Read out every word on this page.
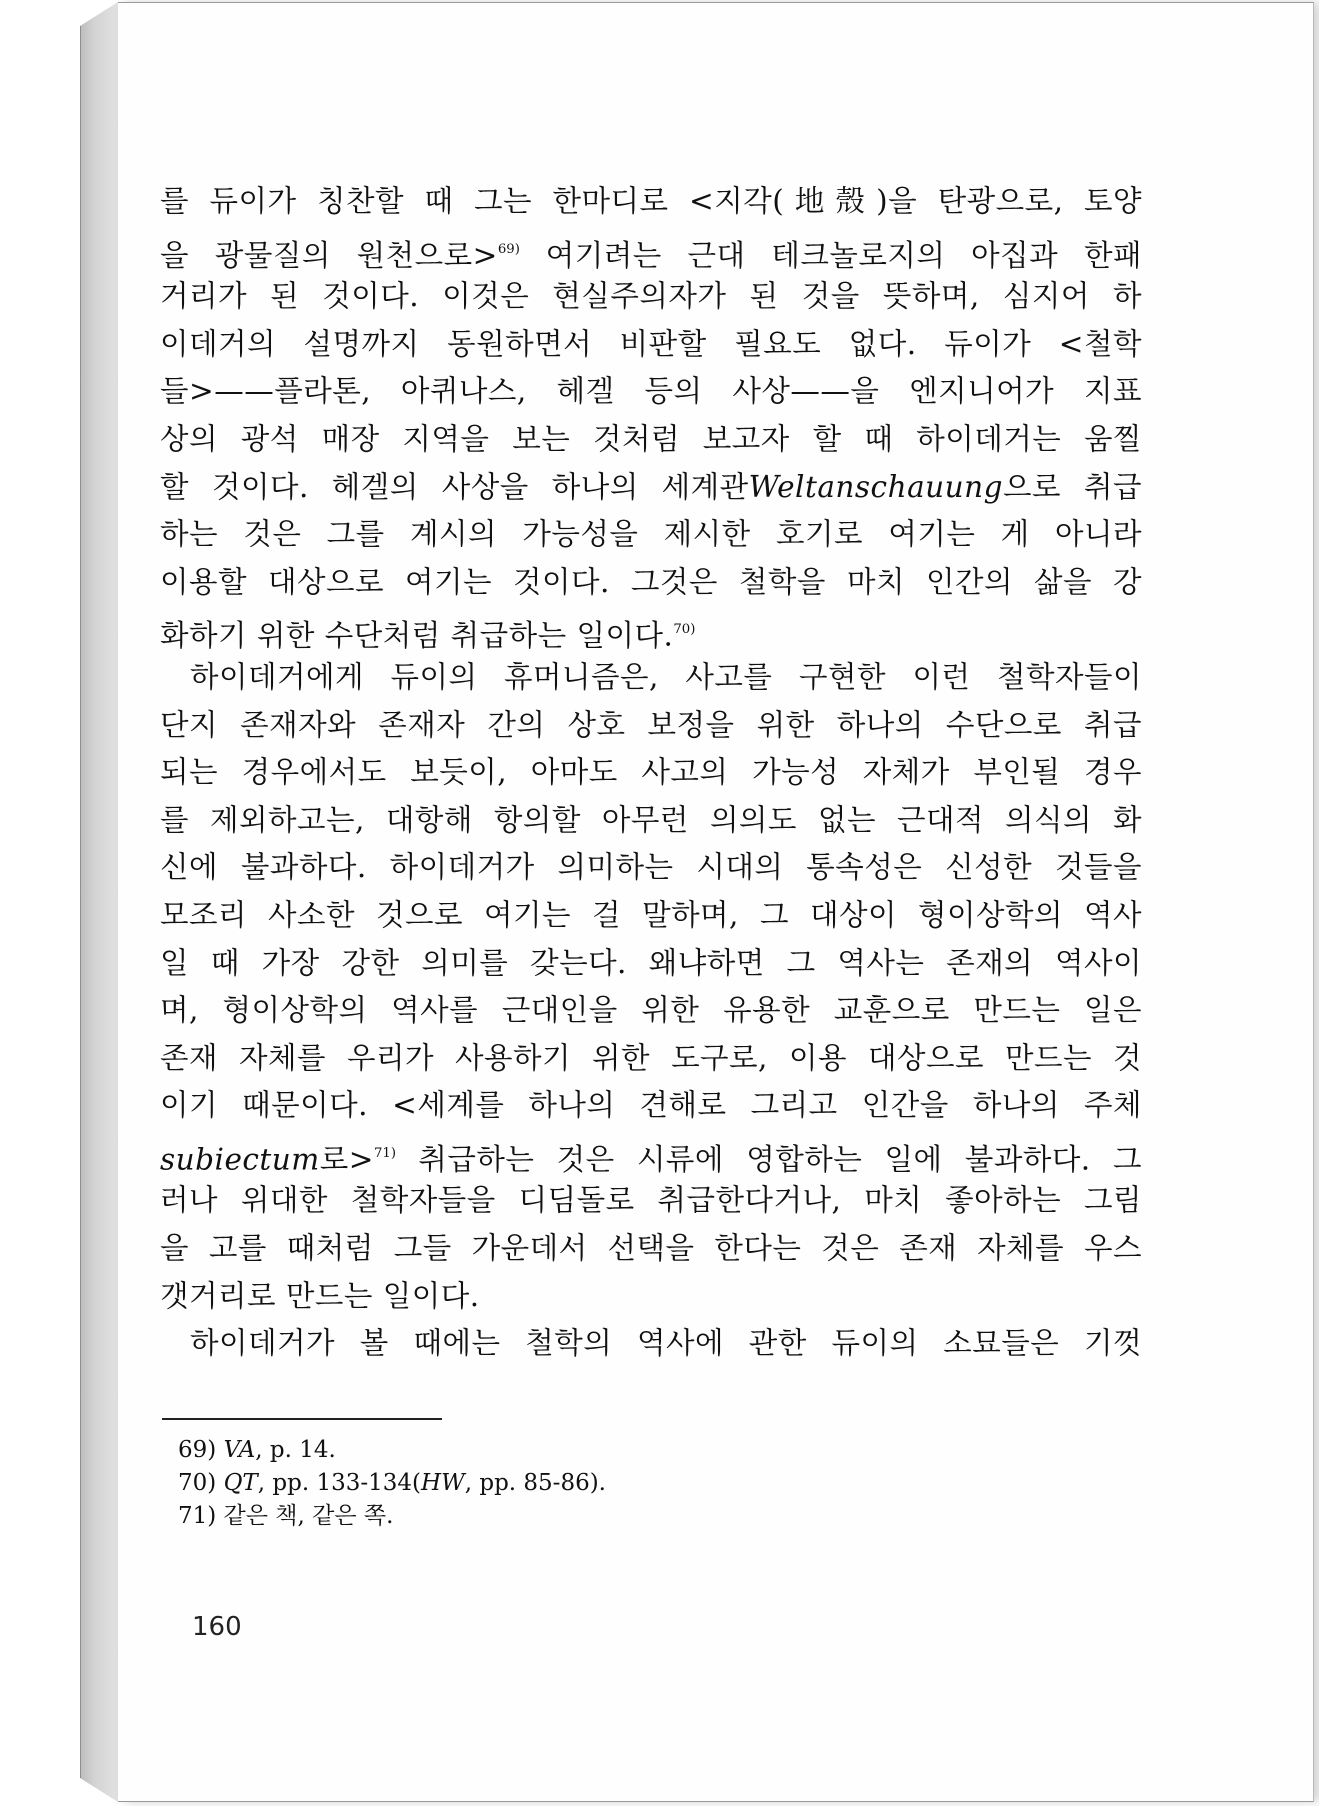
를 듀이가 칭찬할 때 그는 한마디로 <지각(地殼)을 탄광으로, 토양
을 광물질의 원천으로>$^{69)}$ 여기려는 근대 테크놀로지의 아집과 한패
거리가 된 것이다. 이것은 현실주의자가 된 것을 뜻하며, 심지어 하
이데거의 설명까지 동원하면서 비판할 필요도 없다. 듀이가 <철학
들>——플라톤, 아퀴나스, 헤겔 등의 사상——을 엔지니어가 지표
상의 광석 매장 지역을 보는 것처럼 보고자 할 때 하이데거는 움찔
할 것이다. 헤겔의 사상을 하나의 세계관Weltanschauung으로 취급
하는 것은 그를 계시의 가능성을 제시한 호기로 여기는 게 아니라
이용할 대상으로 여기는 것이다. 그것은 철학을 마치 인간의 삶을 강
화하기 위한 수단처럼 취급하는 일이다.$^{70)}$
하이데거에게 듀이의 휴머니즘은, 사고를 구현한 이런 철학자들이
단지 존재자와 존재자 간의 상호 보정을 위한 하나의 수단으로 취급
되는 경우에서도 보듯이, 아마도 사고의 가능성 자체가 부인될 경우
를 제외하고는, 대항해 항의할 아무런 의의도 없는 근대적 의식의 화
신에 불과하다. 하이데거가 의미하는 시대의 통속성은 신성한 것들을
모조리 사소한 것으로 여기는 걸 말하며, 그 대상이 형이상학의 역사
일 때 가장 강한 의미를 갖는다. 왜냐하면 그 역사는 존재의 역사이
며, 형이상학의 역사를 근대인을 위한 유용한 교훈으로 만드는 일은
존재 자체를 우리가 사용하기 위한 도구로, 이용 대상으로 만드는 것
이기 때문이다. <세계를 하나의 견해로 그리고 인간을 하나의 주체
subiectum로>$^{71)}$ 취급하는 것은 시류에 영합하는 일에 불과하다. 그
러나 위대한 철학자들을 디딤돌로 취급한다거나, 마치 좋아하는 그림
을 고를 때처럼 그들 가운데서 선택을 한다는 것은 존재 자체를 우스
갯거리로 만드는 일이다.
하이데거가 볼 때에는 철학의 역사에 관한 듀이의 소묘들은 기껏
69) VA, p. 14.
70) QT, pp. 133-134(HW, pp. 85-86).
71) 같은 책, 같은 쪽.
160
